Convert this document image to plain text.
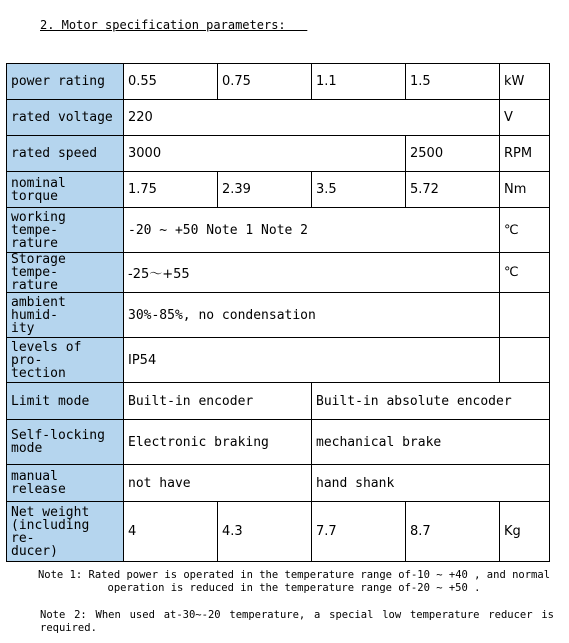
2. Motor specification parameters:
power rating	0.55	0.75	1.1	1.5	kW
rated voltage	220				V
rated speed	3000			2500	RPM
nominal torque	1.75	2.39	3.5	5.72	Nm
working tempe-
rature	-20 ~ +50 Note 1 Note 2				℃
Storage tempe-
rature	-25～+55				℃
ambient humid-
ity	30%-85%, no condensation				
levels of pro-
tection	IP54				
Limit mode	Built-in encoder		Built-in absolute encoder		
Self-locking
mode	Electronic braking		mechanical brake		
manual release	not have		hand shank		
Net weight
(including re-
ducer)	4	4.3	7.7	8.7	Kg
Note 1: Rated power is operated in the temperature range of-10 ~ +40 , and normal
operation is reduced in the temperature range of-20 ~ +50 .
Note 2: When used at-30~-20 temperature, a special low temperature reducer is required.
